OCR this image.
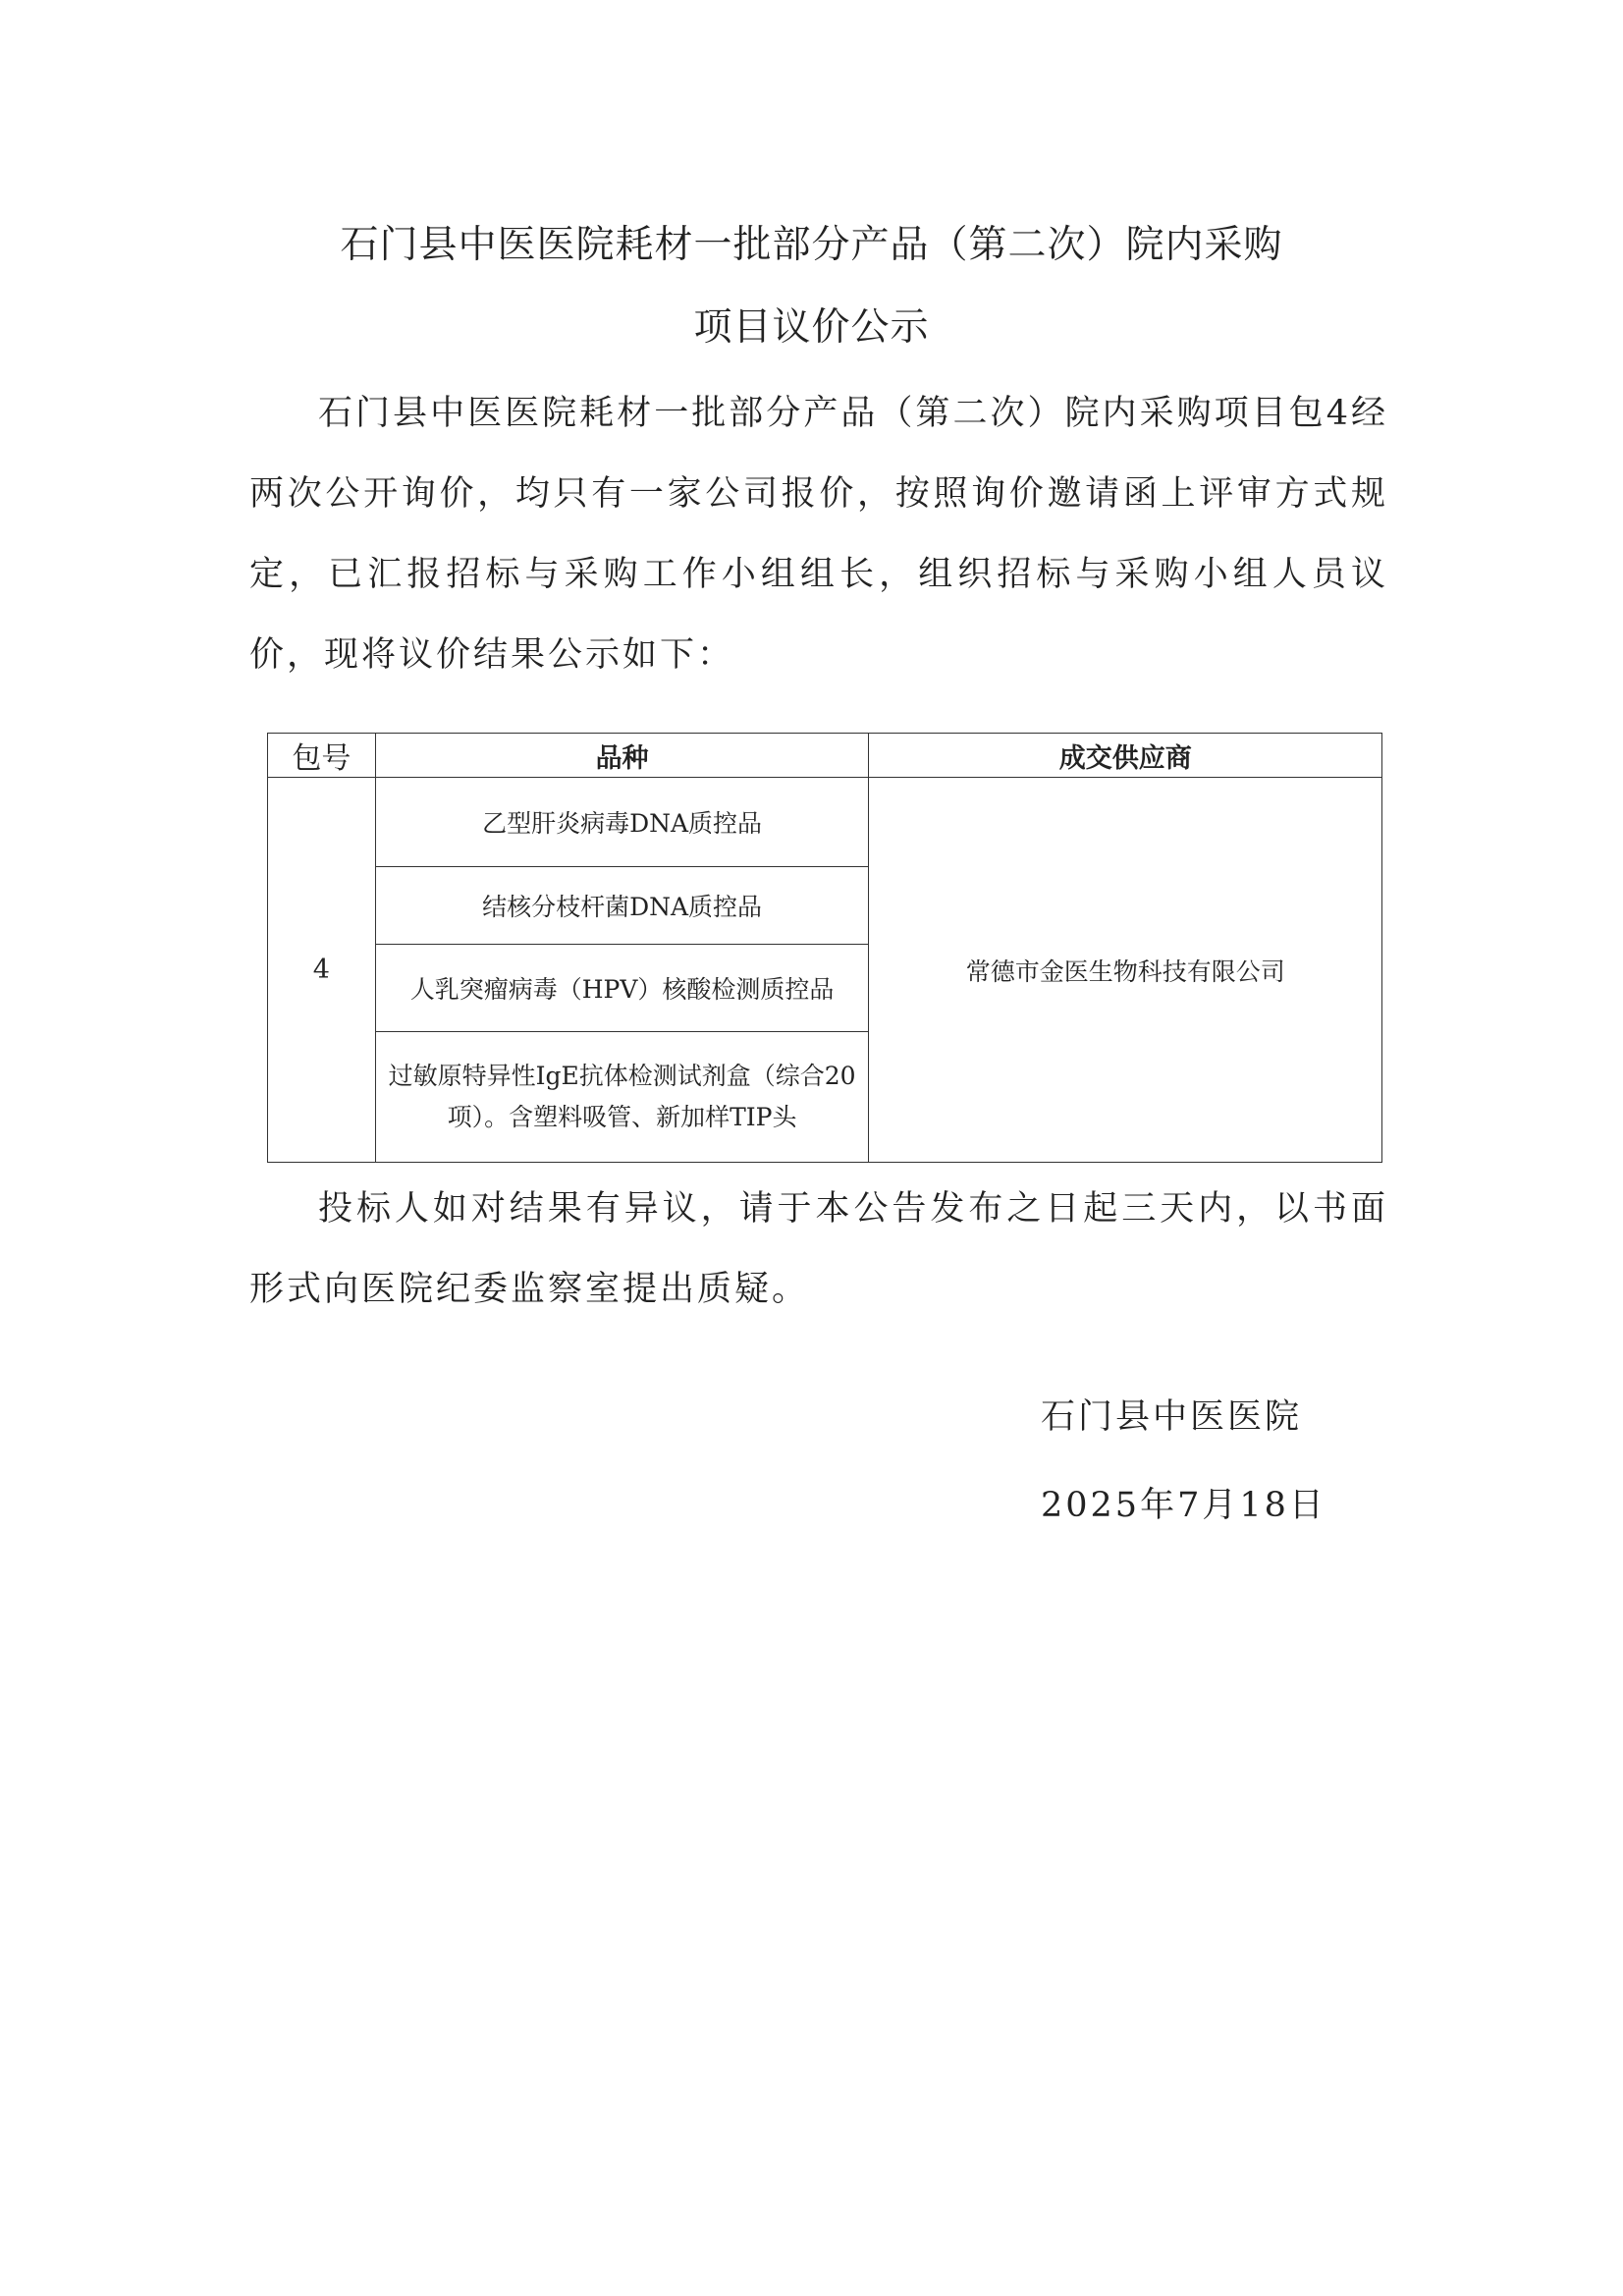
石门县中医医院耗材一批部分产品（第二次）院内采购
项目议价公示
石门县中医医院耗材一批部分产品（第二次）院内采购项目包4经两次公开询价，均只有一家公司报价，按照询价邀请函上评审方式规定，已汇报招标与采购工作小组组长，组织招标与采购小组人员议价，现将议价结果公示如下：
包号	品种	成交供应商
4	乙型肝炎病毒DNA质控品	常德市金医生物科技有限公司
	结核分枝杆菌DNA质控品	
	人乳突瘤病毒（HPV）核酸检测质控品	
	过敏原特异性IgE抗体检测试剂盒（综合20项）。含塑料吸管、新加样TIP头	
投标人如对结果有异议，请于本公告发布之日起三天内，以书面形式向医院纪委监察室提出质疑。
石门县中医医院
2025年7月18日
